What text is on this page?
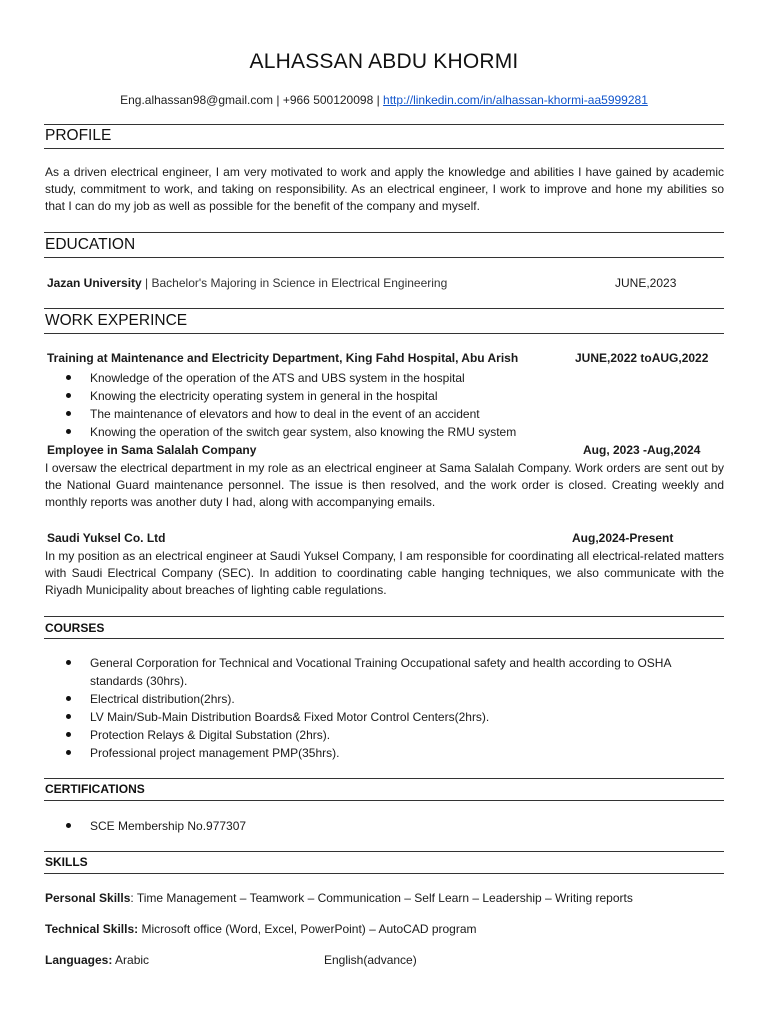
ALHASSAN ABDU KHORMI
Eng.alhassan98@gmail.com | +966 500120098 | http://linkedin.com/in/alhassan-khormi-aa5999281
PROFILE

As a driven electrical engineer, I am very motivated to work and apply the knowledge and abilities I have gained by academic study, commitment to work, and taking on responsibility. As an electrical engineer, I work to improve and hone my abilities so that I can do my job as well as possible for the benefit of the company and myself.

EDUCATION
Jazan University | Bachelor's Majoring in Science in Electrical Engineering	JUNE,2023
WORK EXPERINCE
Training at Maintenance and Electricity Department, King Fahd Hospital, Abu Arish	JUNE,2022 toAUG,2022
Knowledge of the operation of the ATS and UBS system in the hospital
Knowing the electricity operating system in general in the hospital
The maintenance of elevators and how to deal in the event of an accident
Knowing the operation of the switch gear system, also knowing the RMU system
Employee in Sama Salalah Company	Aug, 2023 -Aug,2024

I oversaw the electrical department in my role as an electrical engineer at Sama Salalah Company. Work orders are sent out by the National Guard maintenance personnel. The issue is then resolved, and the work order is closed. Creating weekly and monthly reports was another duty I had, along with accompanying emails.

Saudi Yuksel Co. Ltd	Aug,2024-Present

In my position as an electrical engineer at Saudi Yuksel Company, I am responsible for coordinating all electrical-related matters with Saudi Electrical Company (SEC). In addition to coordinating cable hanging techniques, we also communicate with the Riyadh Municipality about breaches of lighting cable regulations.

COURSES
General Corporation for Technical and Vocational Training Occupational safety and health according to OSHA standards (30hrs).
Electrical distribution(2hrs).
LV Main/Sub-Main Distribution Boards& Fixed Motor Control Centers(2hrs).
Protection Relays & Digital Substation (2hrs).
Professional project management PMP(35hrs).
CERTIFICATIONS
SCE Membership No.977307
SKILLS
Personal Skills: Time Management – Teamwork – Communication – Self Learn – Leadership – Writing reports
Technical Skills: Microsoft office (Word, Excel, PowerPoint) – AutoCAD program
Languages: Arabic	English(advance)
